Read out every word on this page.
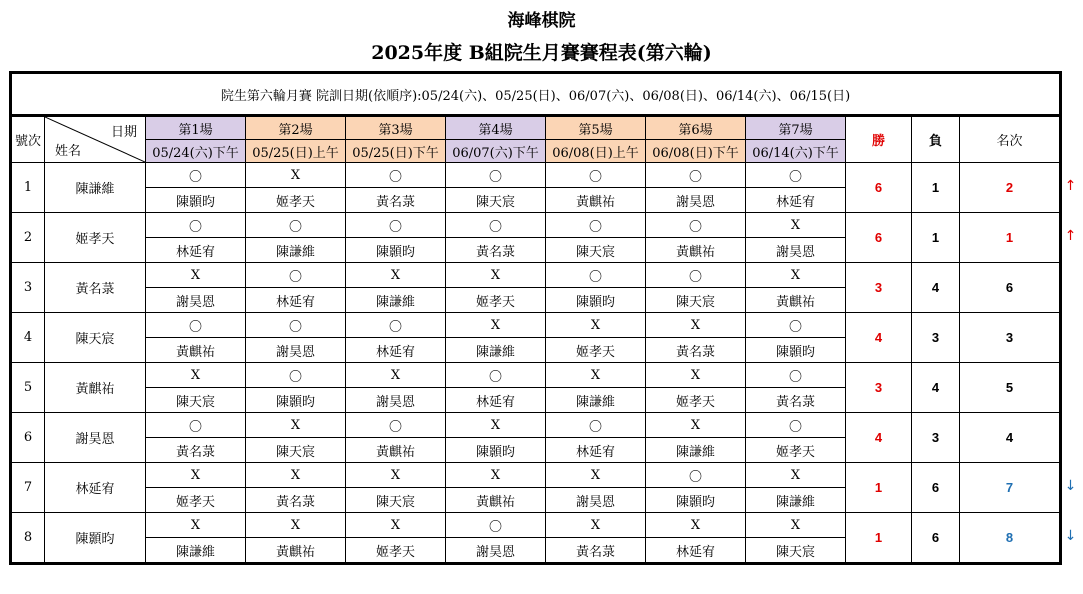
海峰棋院
2025年度 B組院生月賽賽程表(第六輪)
院生第六輪月賽 院訓日期(依順序):05/24(六)、05/25(日)、06/07(六)、06/08(日)、06/14(六)、06/15(日)											
號次	日期
姓名	第1場	第2場	第3場	第4場	第5場	第6場	第7場	勝	負	名次
		05/24(六)下午	05/25(日)上午	05/25(日)下午	06/07(六)下午	06/08(日)上午	06/08(日)下午	06/14(六)下午			
1	陳謙維	〇	X	〇	〇	〇	〇	〇	6	1	2
		陳顥昀	姬孝天	黃名菉	陳天宸	黃麒祐	謝昊恩	林延宥			
2	姬孝天	〇	〇	〇	〇	〇	〇	X	6	1	1
		林延宥	陳謙維	陳顥昀	黃名菉	陳天宸	黃麒祐	謝昊恩			
3	黃名菉	X	〇	X	X	〇	〇	X	3	4	6
		謝昊恩	林延宥	陳謙維	姬孝天	陳顥昀	陳天宸	黃麒祐			
4	陳天宸	〇	〇	〇	X	X	X	〇	4	3	3
		黃麒祐	謝昊恩	林延宥	陳謙維	姬孝天	黃名菉	陳顥昀			
5	黃麒祐	X	〇	X	〇	X	X	〇	3	4	5
		陳天宸	陳顥昀	謝昊恩	林延宥	陳謙維	姬孝天	黃名菉			
6	謝昊恩	〇	X	〇	X	〇	X	〇	4	3	4
		黃名菉	陳天宸	黃麒祐	陳顥昀	林延宥	陳謙維	姬孝天			
7	林延宥	X	X	X	X	X	〇	X	1	6	7
		姬孝天	黃名菉	陳天宸	黃麒祐	謝昊恩	陳顥昀	陳謙維			
8	陳顥昀	X	X	X	〇	X	X	X	1	6	8
		陳謙維	黃麒祐	姬孝天	謝昊恩	黃名菉	林延宥	陳天宸			
↑
↑
↓
↓
